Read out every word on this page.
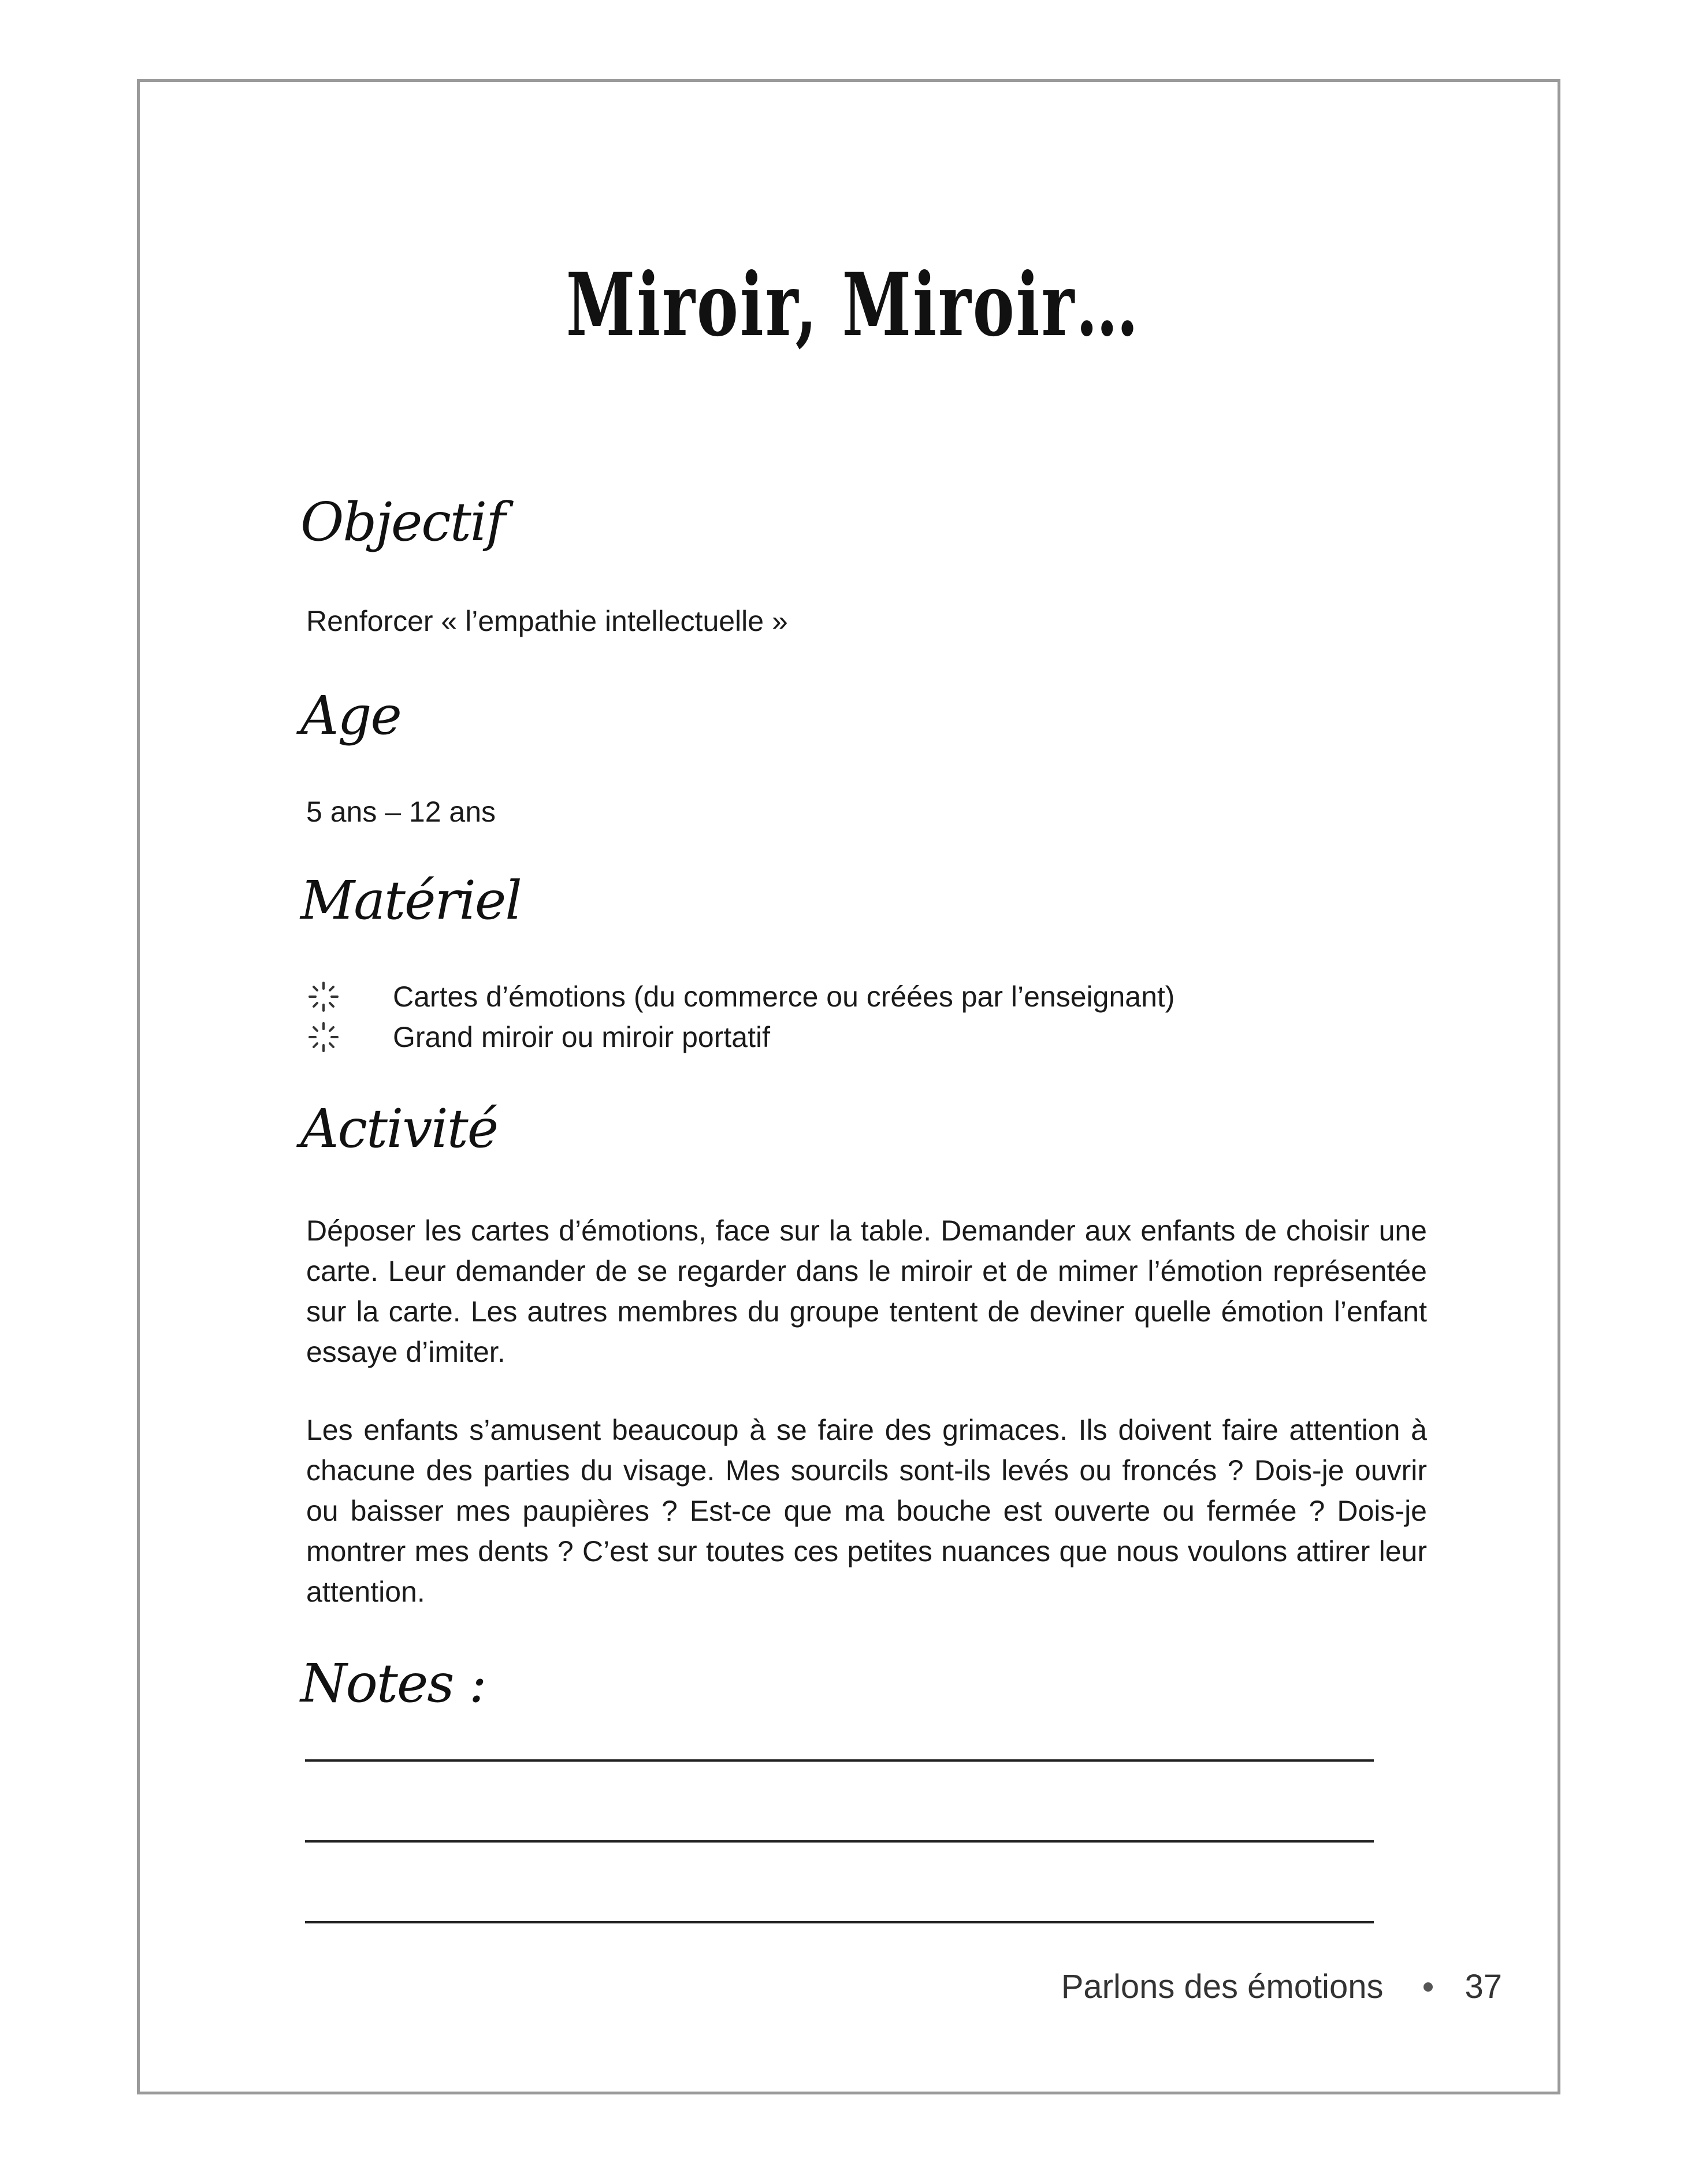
Miroir, Miroir…
Objectif
Renforcer « l’empathie intellectuelle »
Age
5 ans – 12 ans
Matériel
Cartes d’émotions (du commerce ou créées par l’enseignant)
Grand miroir ou miroir portatif
Activité
Déposer les cartes d’émotions, face sur la table. Demander aux enfants de choisir une carte. Leur demander de se regarder dans le miroir et de mimer l’émotion représentée sur la carte. Les autres membres du groupe tentent de deviner quelle émotion l’enfant essaye d’imiter.
Les enfants s’amusent beaucoup à se faire des grimaces. Ils doivent faire attention à chacune des parties du visage. Mes sourcils sont-ils levés ou froncés ? Dois-je ouvrir ou baisser mes paupières ? Est-ce que ma bouche est ouverte ou fermée ? Dois-je montrer mes dents ? C’est sur toutes ces petites nuances que nous voulons attirer leur attention.
Notes :
Parlons des émotions 37
